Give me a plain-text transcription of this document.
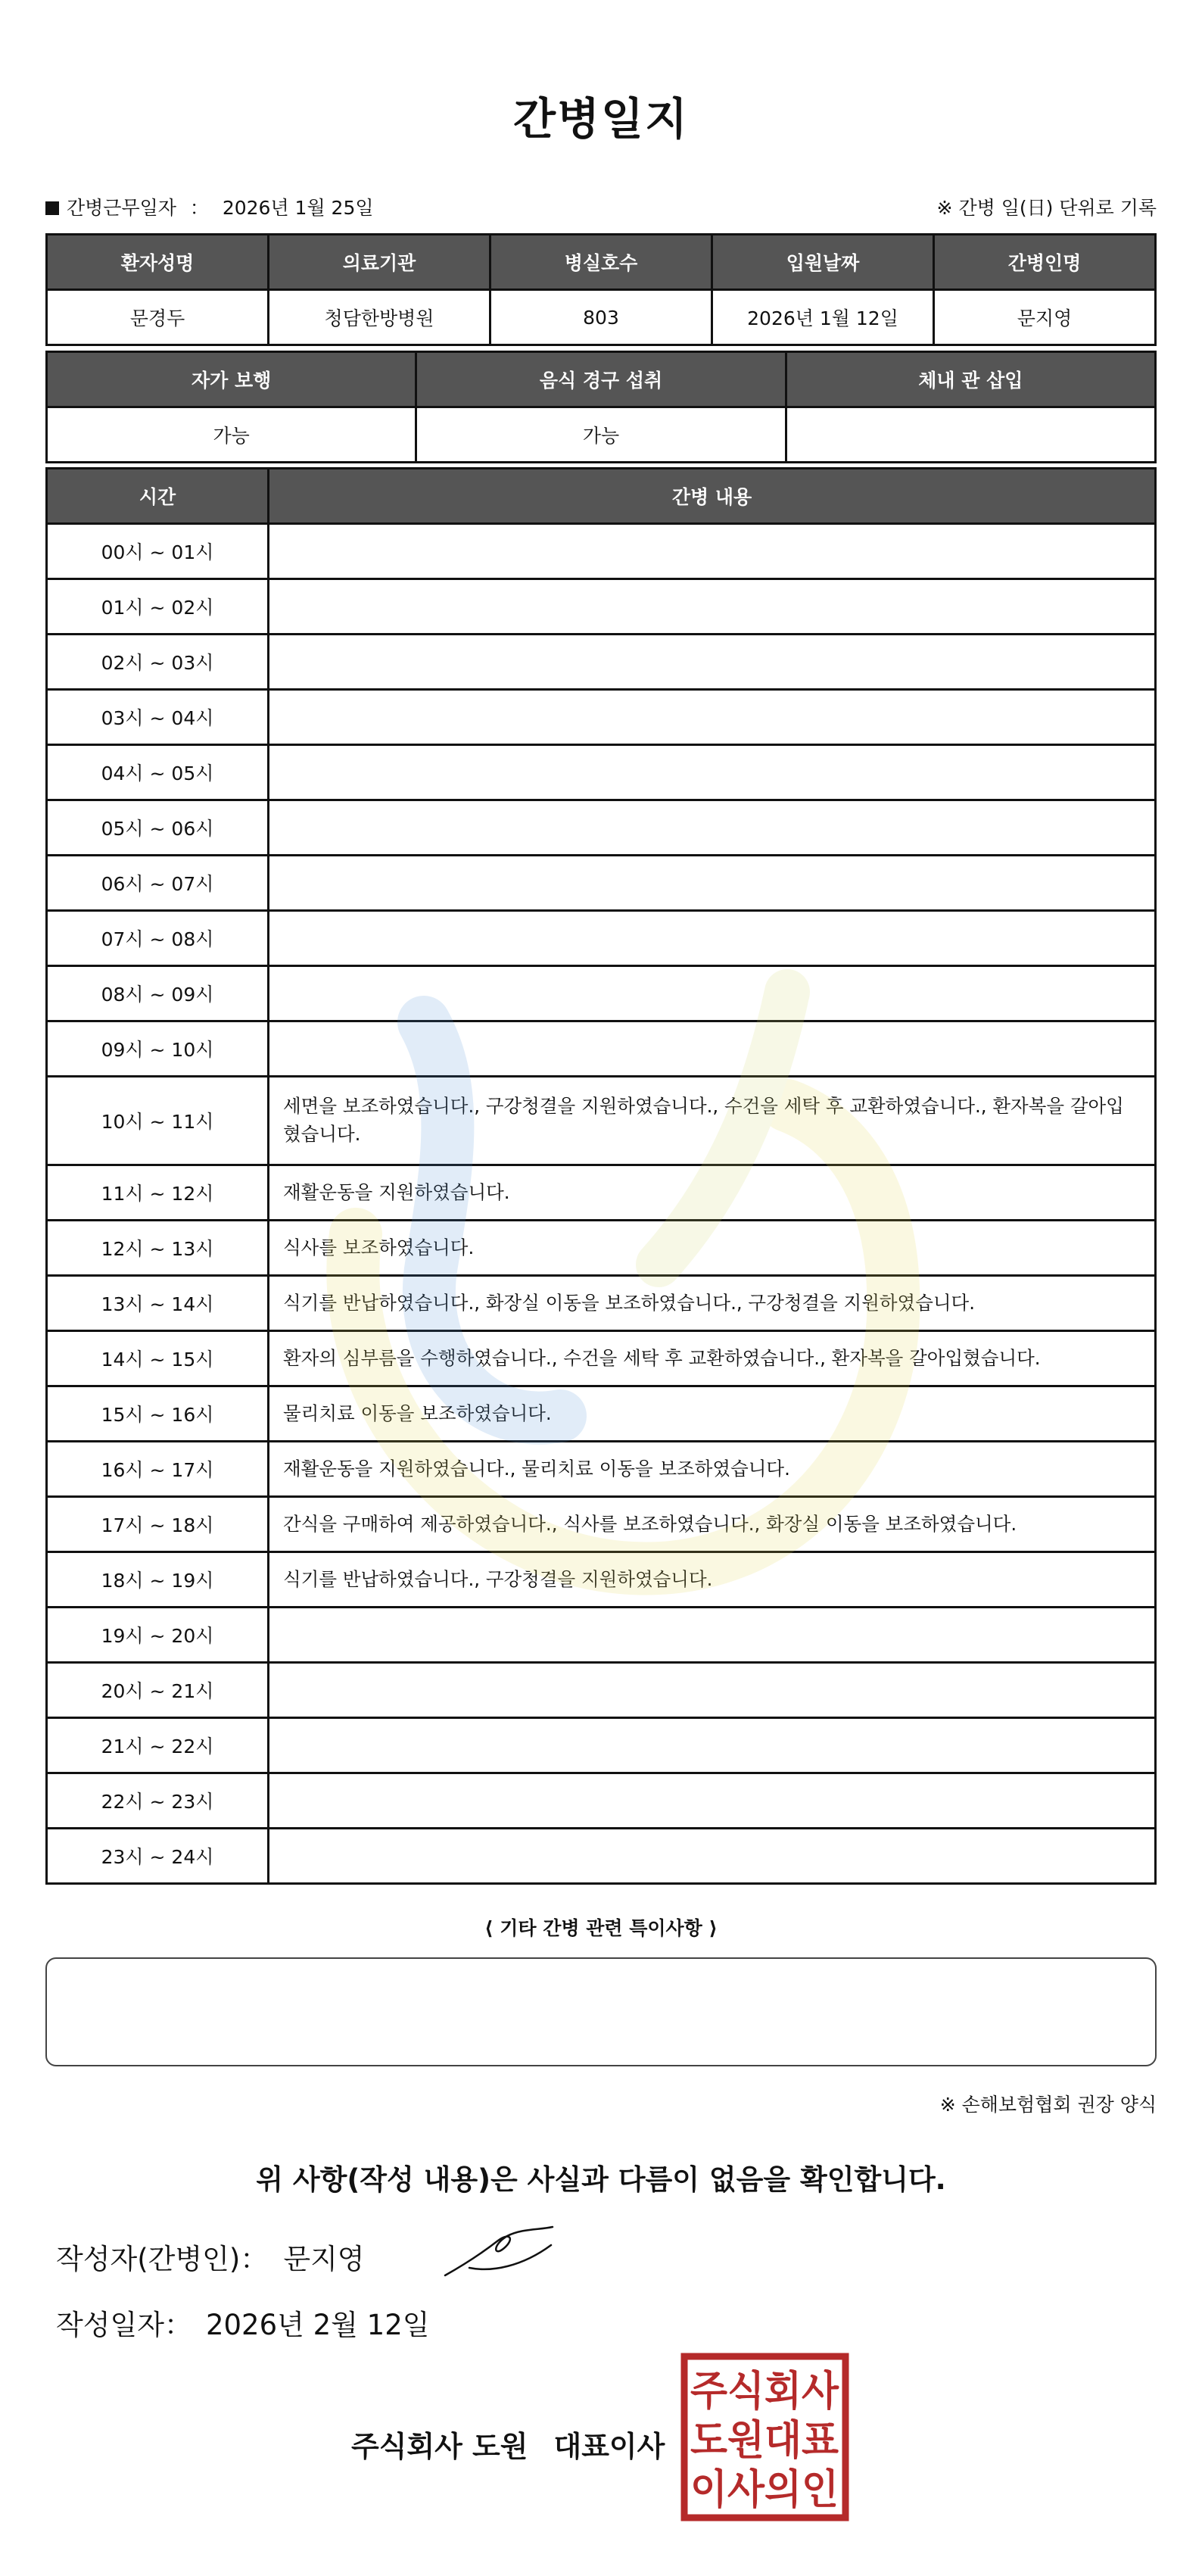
간병일지
간병근무일자 ： 2026년 1월 25일	※ 간병 일(日) 단위로 기록
환자성명	의료기관	병실호수	입원날짜	간병인명
문경두	청담한방병원	803	2026년 1월 12일	문지영
자가 보행	음식 경구 섭취	체내 관 삽입
가능	가능	
시간	간병 내용
00시 ~ 01시	
01시 ~ 02시	
02시 ~ 03시	
03시 ~ 04시	
04시 ~ 05시	
05시 ~ 06시	
06시 ~ 07시	
07시 ~ 08시	
08시 ~ 09시	
09시 ~ 10시	
10시 ~ 11시	세면을 보조하였습니다., 구강청결을 지원하였습니다., 수건을 세탁 후 교환하였습니다., 환자복을 갈아입혔습니다.
11시 ~ 12시	재활운동을 지원하였습니다.
12시 ~ 13시	식사를 보조하였습니다.
13시 ~ 14시	식기를 반납하였습니다., 화장실 이동을 보조하였습니다., 구강청결을 지원하였습니다.
14시 ~ 15시	환자의 심부름을 수행하였습니다., 수건을 세탁 후 교환하였습니다., 환자복을 갈아입혔습니다.
15시 ~ 16시	물리치료 이동을 보조하였습니다.
16시 ~ 17시	재활운동을 지원하였습니다., 물리치료 이동을 보조하였습니다.
17시 ~ 18시	간식을 구매하여 제공하였습니다., 식사를 보조하였습니다., 화장실 이동을 보조하였습니다.
18시 ~ 19시	식기를 반납하였습니다., 구강청결을 지원하였습니다.
19시 ~ 20시	
20시 ~ 21시	
21시 ~ 22시	
22시 ~ 23시	
23시 ~ 24시	
⟨ 기타 간병 관련 특이사항 ⟩
※ 손해보험협회 권장 양식
위 사항(작성 내용)은 사실과 다름이 없음을 확인합니다.
작성자(간병인)： 문지영
작성일자： 2026년 2월 12일
주식회사 도원 대표이사
주식회사
도원대표
이사의인
